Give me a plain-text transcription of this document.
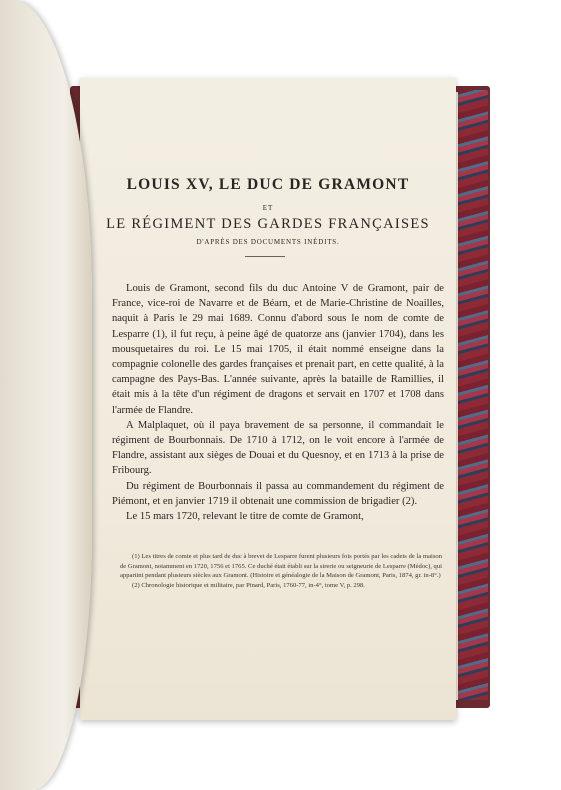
LOUIS XV, LE DUC DE GRAMONT
ET
LE RÉGIMENT DES GARDES FRANÇAISES
D'APRÈS DES DOCUMENTS INÉDITS.

Louis de Gramont, second fils du duc Antoine V de Gramont, pair de France, vice-roi de Navarre et de Béarn, et de Marie-Christine de Noailles, naquit à Paris le 29 mai 1689. Connu d'abord sous le nom de comte de Lesparre (1), il fut reçu, à peine âgé de quatorze ans (janvier 1704), dans les mousquetaires du roi. Le 15 mai 1705, il était nommé enseigne dans la compagnie colonelle des gardes françaises et prenait part, en cette qualité, à la campagne des Pays-Bas. L'année suivante, après la bataille de Ramillies, il était mis à la tête d'un régiment de dragons et servait en 1707 et 1708 dans l'armée de Flandre.

A Malplaquet, où il paya bravement de sa personne, il commandait le régiment de Bourbonnais. De 1710 à 1712, on le voit encore à l'armée de Flandre, assistant aux sièges de Douai et du Quesnoy, et en 1713 à la prise de Fribourg.

Du régiment de Bourbonnais il passa au commandement du régiment de Piémont, et en janvier 1719 il obtenait une commission de brigadier (2).

Le 15 mars 1720, relevant le titre de comte de Gramont,

(1) Les titres de comte et plus tard de duc à brevet de Lesparre furent plusieurs fois portés par les cadets de la maison de Gramont, notamment en 1720, 1756 et 1765. Ce duché était établi sur la sirerie ou seigneurie de Lesparre (Médoc), qui appartint pendant plusieurs siècles aux Gramont. (Histoire et généalogie de la Maison de Gramont, Paris, 1874, gr. in-8°.)

(2) Chronologie historique et militaire, par Pinard, Paris, 1760-77, in-4°, tome V, p. 298.
